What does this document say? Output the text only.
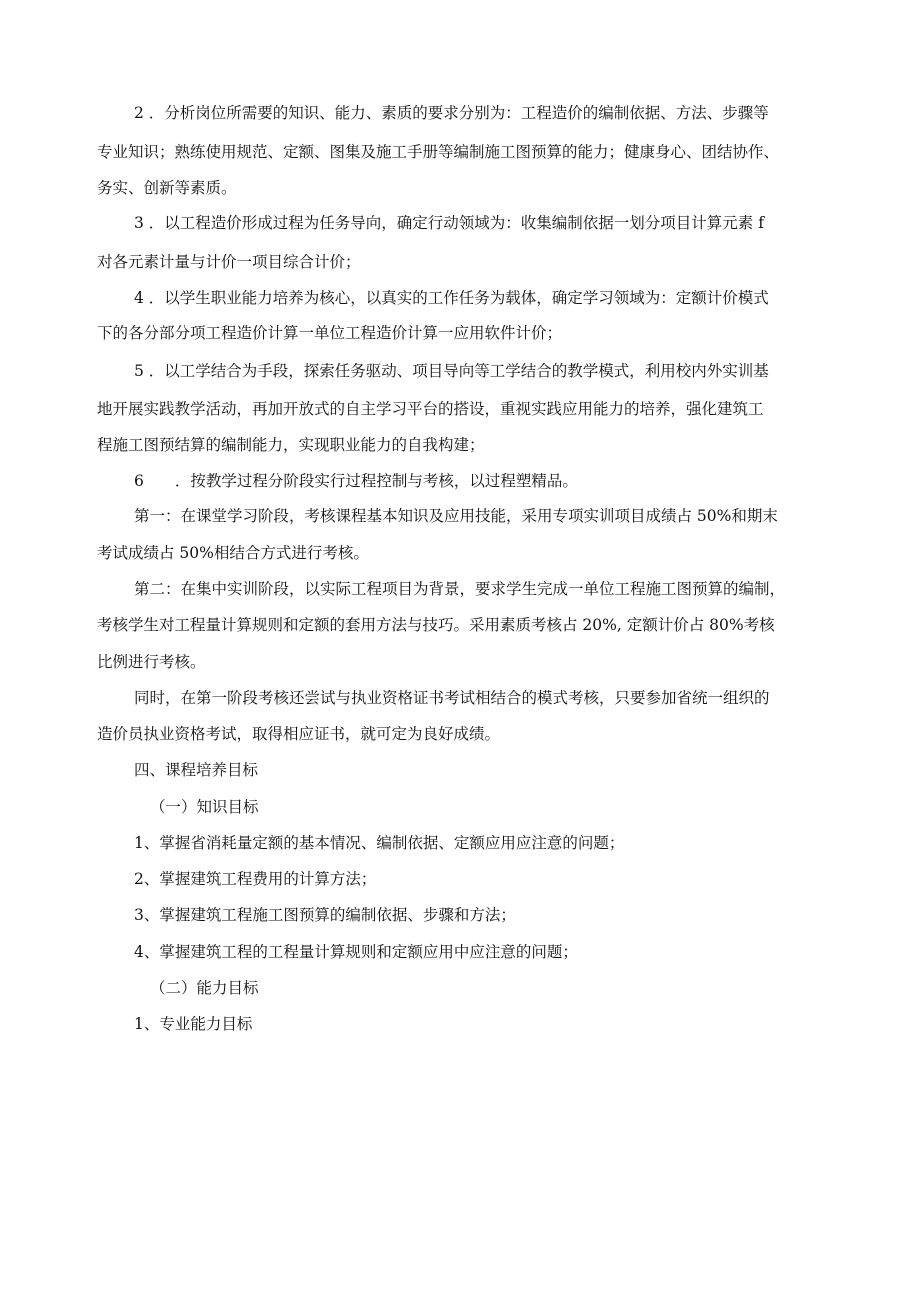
2 ．分析岗位所需要的知识、能力、素质的要求分别为：工程造价的编制依据、方法、步骤等
专业知识；熟练使用规范、定额、图集及施工手册等编制施工图预算的能力；健康身心、团结协作、
务实、创新等素质。
3 ．以工程造价形成过程为任务导向，确定行动领域为：收集编制依据一划分项目计算元素 f
对各元素计量与计价一项目综合计价；
4 ．以学生职业能力培养为核心，以真实的工作任务为载体，确定学习领域为：定额计价模式
下的各分部分项工程造价计算一单位工程造价计算一应用软件计价；
5 ．以工学结合为手段，探索任务驱动、项目导向等工学结合的教学模式，利用校内外实训基
地开展实践教学活动，再加开放式的自主学习平台的搭设，重视实践应用能力的培养，强化建筑工
程施工图预结算的编制能力，实现职业能力的自我构建；
6　　．按教学过程分阶段实行过程控制与考核，以过程塑精品。
第一：在课堂学习阶段，考核课程基本知识及应用技能，采用专项实训项目成绩占 50%和期末
考试成绩占 50%相结合方式进行考核。
第二：在集中实训阶段，以实际工程项目为背景，要求学生完成一单位工程施工图预算的编制，
考核学生对工程量计算规则和定额的套用方法与技巧。采用素质考核占 20%, 定额计价占 80%考核
比例进行考核。
同时，在第一阶段考核还尝试与执业资格证书考试相结合的模式考核，只要参加省统一组织的
造价员执业资格考试，取得相应证书，就可定为良好成绩。
四、课程培养目标
（一）知识目标
1、掌握省消耗量定额的基本情况、编制依据、定额应用应注意的问题；
2、掌握建筑工程费用的计算方法；
3、掌握建筑工程施工图预算的编制依据、步骤和方法；
4、掌握建筑工程的工程量计算规则和定额应用中应注意的问题；
（二）能力目标
1、专业能力目标
